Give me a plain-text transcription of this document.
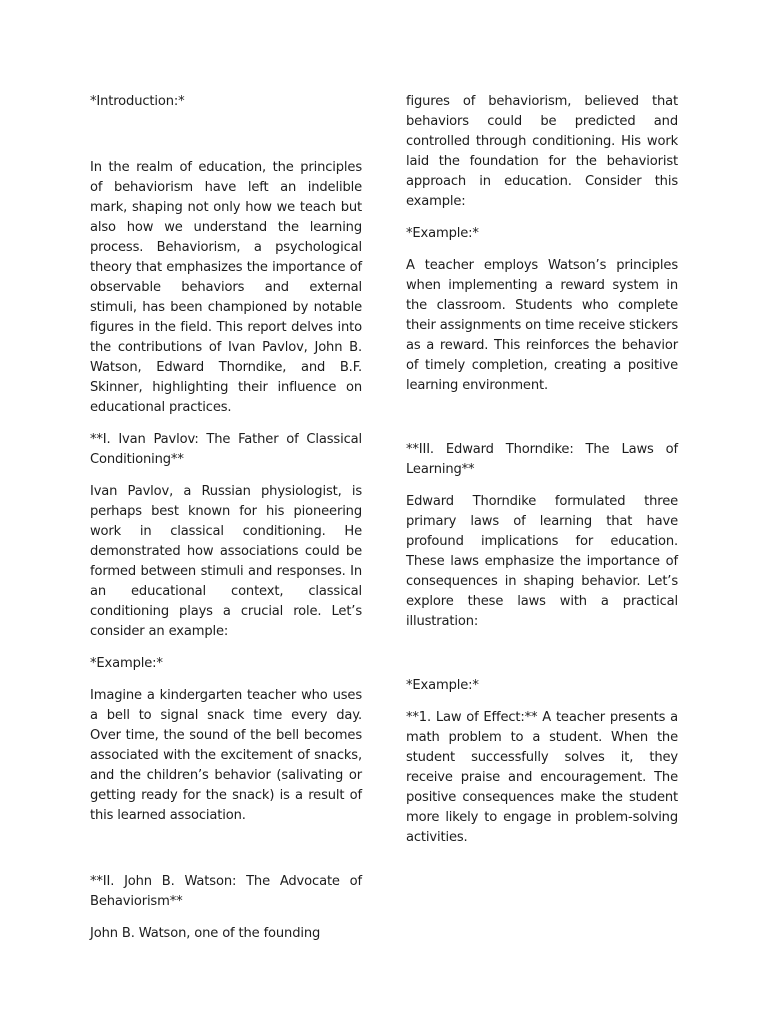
*Introduction:*

In the realm of education, the principles of behaviorism have left an indelible mark, shaping not only how we teach but also how we understand the learning process. Behaviorism, a psychological theory that emphasizes the importance of observable behaviors and external stimuli, has been championed by notable figures in the field. This report delves into the contributions of Ivan Pavlov, John B. Watson, Edward Thorndike, and B.F. Skinner, highlighting their influence on educational practices.

**I. Ivan Pavlov: The Father of Classical Conditioning**

Ivan Pavlov, a Russian physiologist, is perhaps best known for his pioneering work in classical conditioning. He demonstrated how associations could be formed between stimuli and responses. In an educational context, classical conditioning plays a crucial role. Let’s consider an example:

*Example:*

Imagine a kindergarten teacher who uses a bell to signal snack time every day. Over time, the sound of the bell becomes associated with the excitement of snacks, and the children’s behavior (salivating or getting ready for the snack) is a result of this learned association.

**II. John B. Watson: The Advocate of Behaviorism**

John B. Watson, one of the founding

figures of behaviorism, believed that behaviors could be predicted and controlled through conditioning. His work laid the foundation for the behaviorist approach in education. Consider this example:

*Example:*

A teacher employs Watson’s principles when implementing a reward system in the classroom. Students who complete their assignments on time receive stickers as a reward. This reinforces the behavior of timely completion, creating a positive learning environment.

**III. Edward Thorndike: The Laws of Learning**

Edward Thorndike formulated three primary laws of learning that have profound implications for education. These laws emphasize the importance of consequences in shaping behavior. Let’s explore these laws with a practical illustration:

*Example:*

**1. Law of Effect:** A teacher presents a math problem to a student. When the student successfully solves it, they receive praise and encouragement. The positive consequences make the student more likely to engage in problem-solving activities.
